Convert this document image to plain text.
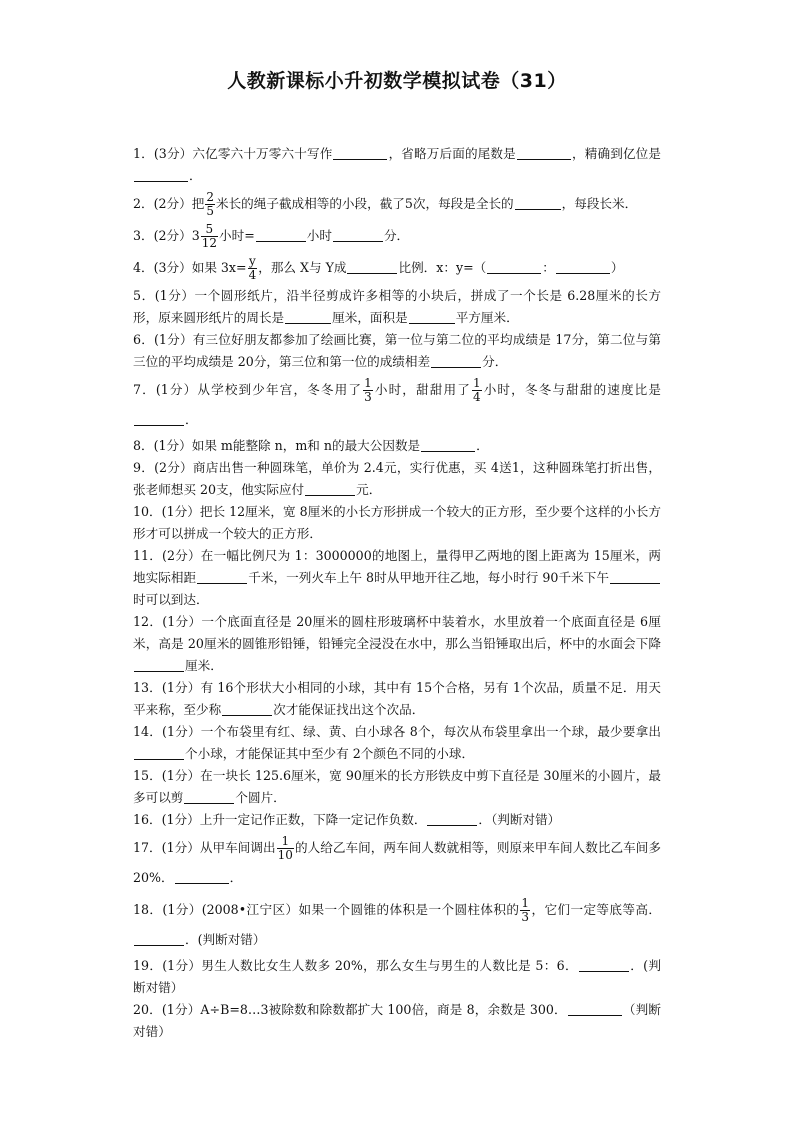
人教新课标小升初数学模拟试卷（31）

1．(3分）六亿零六十万零六十写作	，省略万后面的尾数是	，精确到亿位是．

2．(2分）把 $\frac{2}{5}$ 米长的绳子截成相等的小段，截了5次，每段是全长的	，每段长米．

3．(2分）$3 \frac{5}{12}$ 小时=	小时	分．

4．(3分）如果 $3x= \frac{y}{4}$ ，那么 X与 Y成	比例．x：y=（	：	）

5．(1分）一个圆形纸片，沿半径剪成许多相等的小块后，拼成了一个长是 6.28厘米的长方形，原来圆形纸片的周长是	厘米，面积是	平方厘米．

6．(1分）有三位好朋友都参加了绘画比赛，第一位与第二位的平均成绩是 17分，第二位与第三位的平均成绩是 20分，第三位和第一位的成绩相差	分．

7．(1分）从学校到少年宫，冬冬用了 $\frac{1}{3}$ 小时，甜甜用了 $\frac{1}{4}$ 小时，冬冬与甜甜的速度比是．

8．(1分）如果 m能整除 n，m和 n的最大公因数是	．

9．(2分）商店出售一种圆珠笔，单价为 2.4元，实行优惠，买 4送1，这种圆珠笔打折出售，张老师想买 20支，他实际应付	元．

10．(1分）把长 12厘米，宽 8厘米的小长方形拼成一个较大的正方形，至少要个这样的小长方形才可以拼成一个较大的正方形．

11．(2分）在一幅比例尺为 1：3000000的地图上，量得甲乙两地的图上距离为 15厘米，两地实际相距	千米，一列火车上午 8时从甲地开往乙地，每小时行 90千米下午时可以到达．

12．(1分）一个底面直径是 20厘米的圆柱形玻璃杯中装着水，水里放着一个底面直径是 6厘米，高是 20厘米的圆锥形铅锤，铅锤完全浸没在水中，那么当铅锤取出后，杯中的水面会下降厘米．

13．(1分）有 16个形状大小相同的小球，其中有 15个合格，另有 1个次品，质量不足．用天平来称，至少称	次才能保证找出这个次品．

14．(1分）一个布袋里有红、绿、黄、白小球各 8个，每次从布袋里拿出一个球，最少要拿出个小球，才能保证其中至少有 2个颜色不同的小球．

15．(1分）在一块长 125.6厘米，宽 90厘米的长方形铁皮中剪下直径是 30厘米的小圆片，最多可以剪	个圆片．

16．(1分）上升一定记作正数，下降一定记作负数．	．（判断对错）

17．(1分）从甲车间调出 $\frac{1}{10}$ 的人给乙车间，两车间人数就相等，则原来甲车间人数比乙车间多 20%．	．

18．(1分）(2008•江宁区）如果一个圆锥的体积是一个圆柱体积的 $\frac{1}{3}$ ，它们一定等底等高．．(判断对错）

19．(1分）男生人数比女生人数多 20%，那么女生与男生的人数比是 5：6．	．(判断对错）

20．(1分）A÷B=8…3被除数和除数都扩大 100倍，商是 8，余数是 300．	（判断对错）
